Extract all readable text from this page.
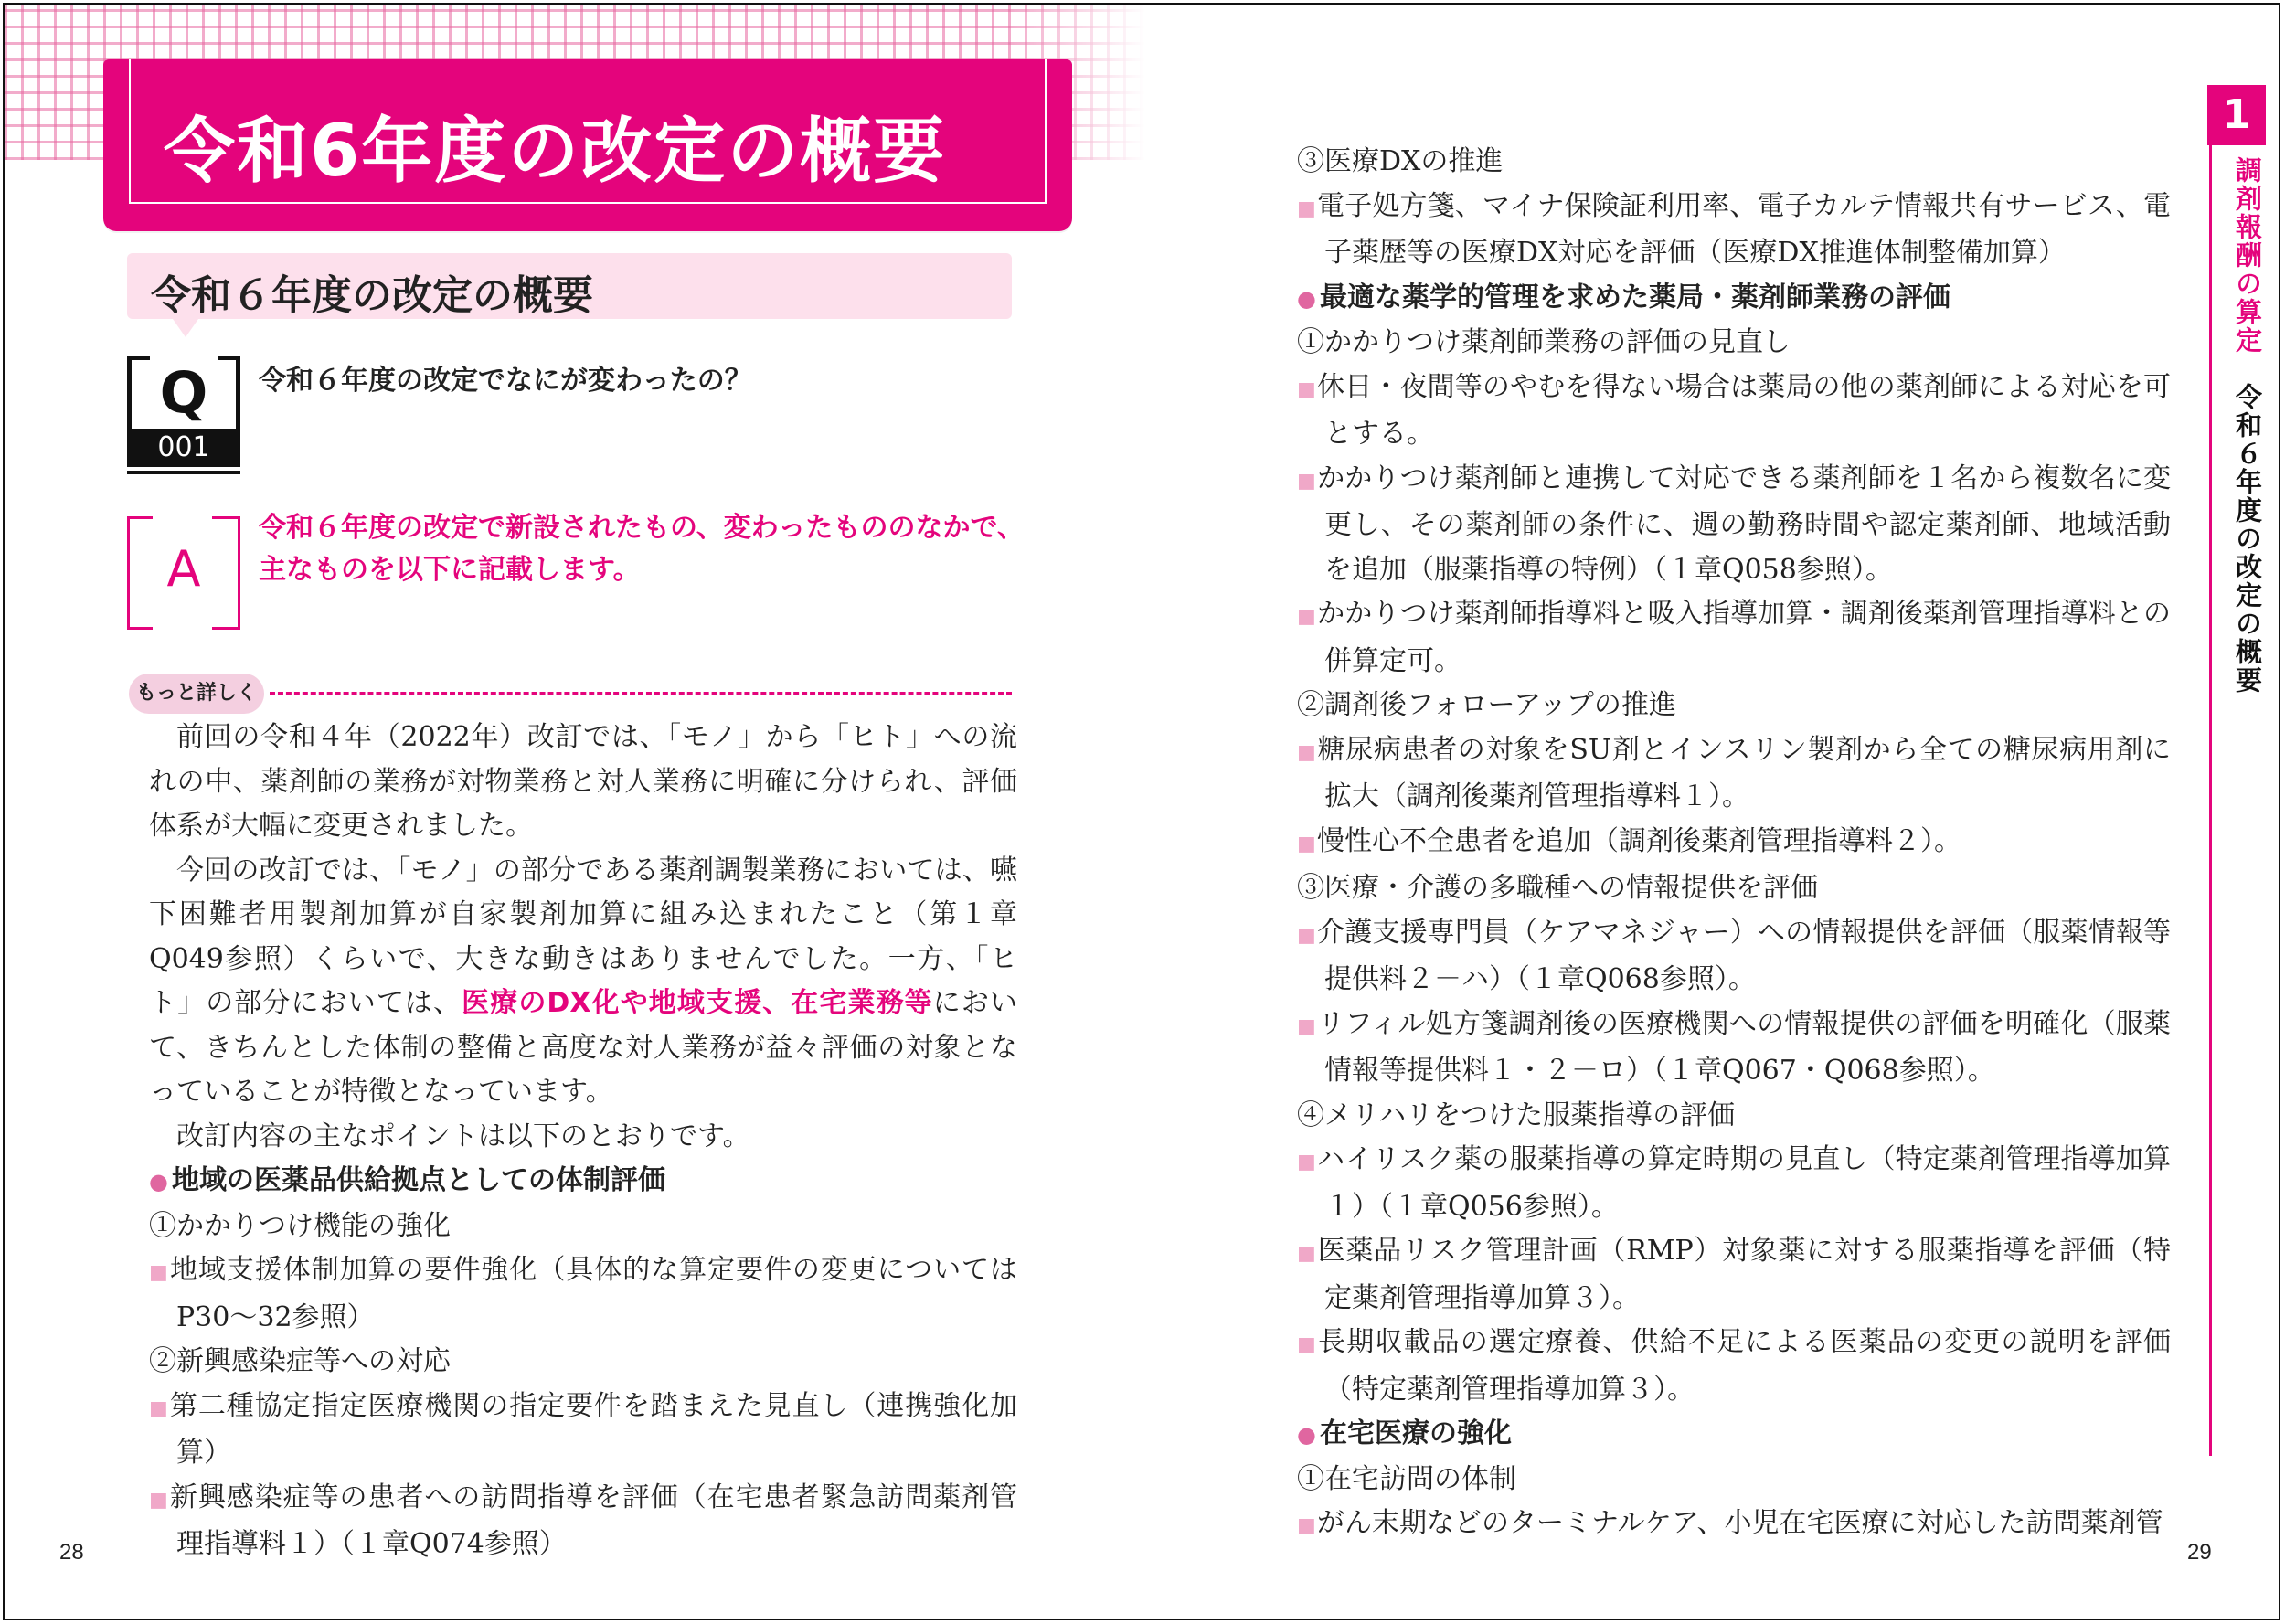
令和6年度の改定の概要
令和６年度の改定の概要
Q
001
令和６年度の改定でなにが変わったの？
A
令和６年度の改定で新設されたもの、変わったもののなかで、
主なものを以下に記載します。
もっと詳しく

前回の令和４年（2022年）改訂では、「モノ」から「ヒト」への流れの中、薬剤師の業務が対物業務と対人業務に明確に分けられ、評価体系が大幅に変更されました。

今回の改訂では、「モノ」の部分である薬剤調製業務においては、嚥下困難者用製剤加算が自家製剤加算に組み込まれたこと（第１章Q049参照）くらいで、大きな動きはありませんでした。一方、「ヒト」の部分においては、医療のDX化や地域支援、在宅業務等において、きちんとした体制の整備と高度な対人業務が益々評価の対象となっていることが特徴となっています。

改訂内容の主なポイントは以下のとおりです。

● 地域の医薬品供給拠点としての体制評価

①かかりつけ機能の強化

■ 地域支援体制加算の要件強化（具体的な算定要件の変更についてはP30〜32参照）

②新興感染症等への対応

■ 第二種協定指定医療機関の指定要件を踏まえた見直し（連携強化加算）

■ 新興感染症等の患者への訪問指導を評価（在宅患者緊急訪問薬剤管理指導料１）（１章Q074参照）

28

③医療DXの推進

■ 電子処方箋、マイナ保険証利用率、電子カルテ情報共有サービス、電子薬歴等の医療DX対応を評価（医療DX推進体制整備加算）

● 最適な薬学的管理を求めた薬局・薬剤師業務の評価

①かかりつけ薬剤師業務の評価の見直し

■ 休日・夜間等のやむを得ない場合は薬局の他の薬剤師による対応を可とする。

■ かかりつけ薬剤師と連携して対応できる薬剤師を１名から複数名に変更し、その薬剤師の条件に、週の勤務時間や認定薬剤師、地域活動を追加（服薬指導の特例）（１章Q058参照）。

■ かかりつけ薬剤師指導料と吸入指導加算・調剤後薬剤管理指導料との併算定可。

②調剤後フォローアップの推進

■ 糖尿病患者の対象をSU剤とインスリン製剤から全ての糖尿病用剤に拡大（調剤後薬剤管理指導料１）。

■ 慢性心不全患者を追加（調剤後薬剤管理指導料２）。

③医療・介護の多職種への情報提供を評価

■ 介護支援専門員（ケアマネジャー）への情報提供を評価（服薬情報等提供料２－ハ）（１章Q068参照）。

■ リフィル処方箋調剤後の医療機関への情報提供の評価を明確化（服薬情報等提供料１・２－ロ）（１章Q067・Q068参照）。

④メリハリをつけた服薬指導の評価

■ ハイリスク薬の服薬指導の算定時期の見直し（特定薬剤管理指導加算１）（１章Q056参照）。

■ 医薬品リスク管理計画（RMP）対象薬に対する服薬指導を評価（特定薬剤管理指導加算３）。

■ 長期収載品の選定療養、供給不足による医薬品の変更の説明を評価（特定薬剤管理指導加算３）。

● 在宅医療の強化

①在宅訪問の体制

■ がん末期などのターミナルケア、小児在宅医療に対応した訪問薬剤管

1
調剤報酬の算定　令和６年度の改定の概要
29
